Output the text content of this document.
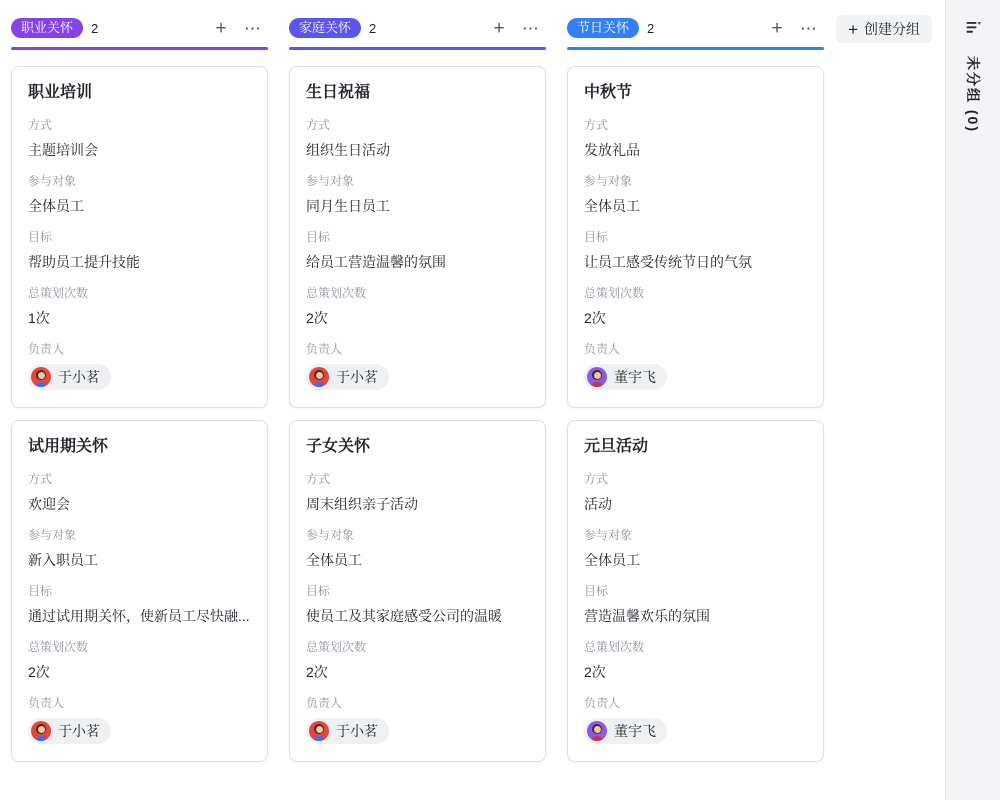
职业关怀	2	+ ⋯
职业培训
方式
主题培训会
参与对象
全体员工
目标
帮助员工提升技能
总策划次数
1次
负责人
于小茗
试用期关怀
方式
欢迎会
参与对象
新入职员工
目标
通过试用期关怀，使新员工尽快融...
总策划次数
2次
负责人
于小茗
家庭关怀	2	+ ⋯
生日祝福
方式
组织生日活动
参与对象
同月生日员工
目标
给员工营造温馨的氛围
总策划次数
2次
负责人
于小茗
子女关怀
方式
周末组织亲子活动
参与对象
全体员工
目标
使员工及其家庭感受公司的温暖
总策划次数
2次
负责人
于小茗
节日关怀	2	+ ⋯
中秋节
方式
发放礼品
参与对象
全体员工
目标
让员工感受传统节日的气氛
总策划次数
2次
负责人
董宇飞
元旦活动
方式
活动
参与对象
全体员工
目标
营造温馨欢乐的氛围
总策划次数
2次
负责人
董宇飞
+ 创建分组
未分组 (0)
